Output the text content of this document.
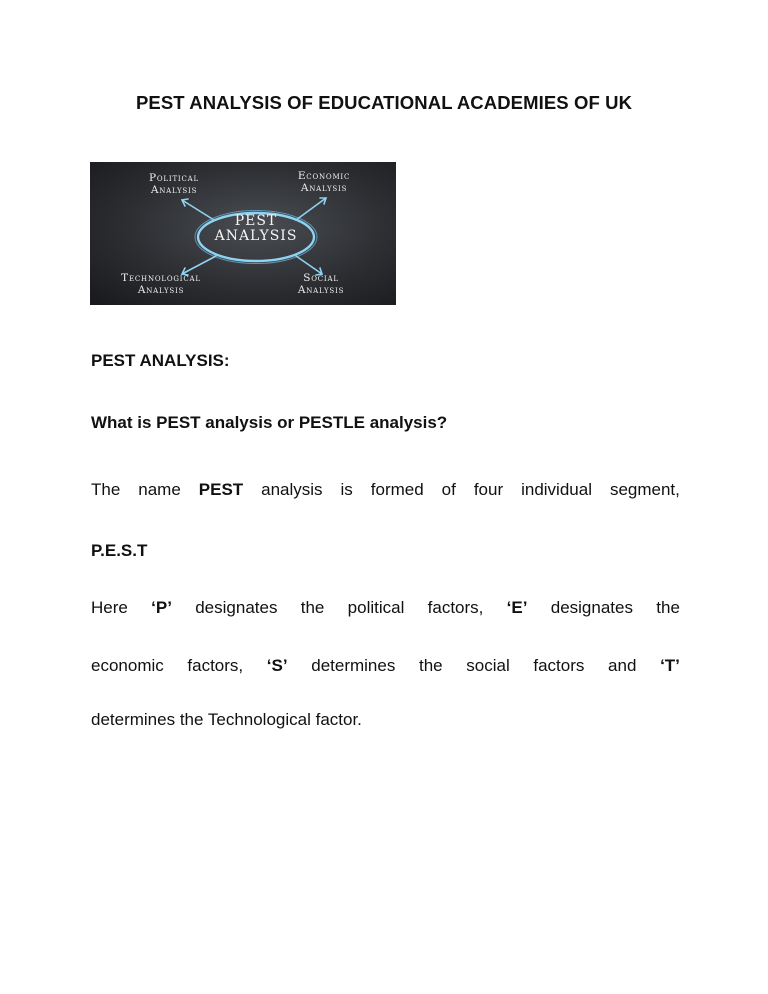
PEST ANALYSIS OF EDUCATIONAL ACADEMIES OF UK
Political
Analysis
Economic
Analysis
Technological
Analysis
Social
Analysis
PEST
ANALYSIS
PEST ANALYSIS:
What is PEST analysis or PESTLE analysis?
The name PEST analysis is formed of four individual segment,
P.E.S.T
Here ‘P’ designates the political factors, ‘E’ designates the
economic factors, ‘S’ determines the social factors and ‘T’
determines the Technological factor.
